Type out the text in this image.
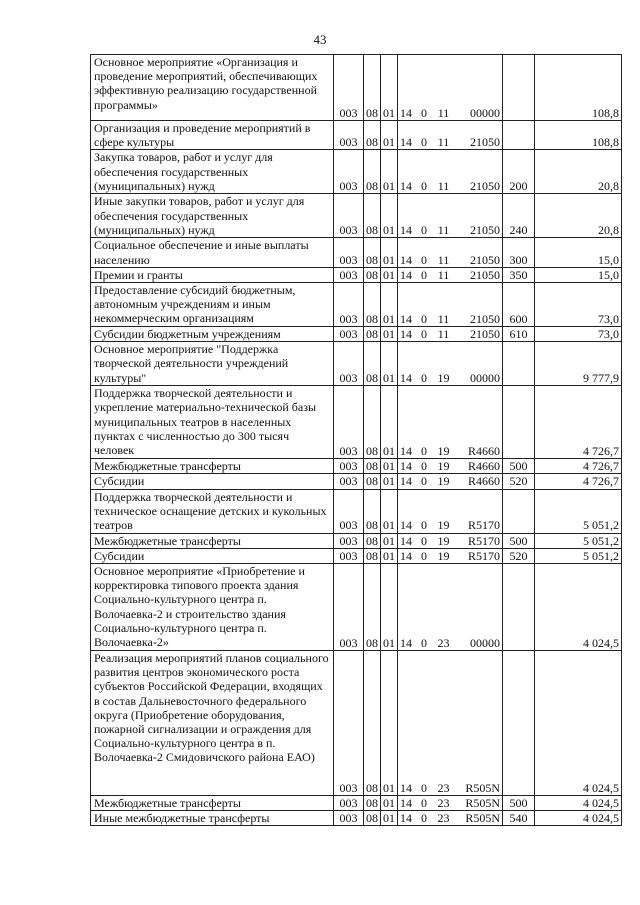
43
Основное мероприятие «Организация и проведение мероприятий, обеспечивающих эффективную реализацию государственной программы»	003	08	01	14 0 11 00000		108,8
Организация и проведение мероприятий в сфере культуры	003	08	01	14 0 11 21050		108,8
Закупка товаров, работ и услуг для обеспечения государственных (муниципальных) нужд	003	08	01	14 0 11 21050	200	20,8
Иные закупки товаров, работ и услуг для обеспечения государственных (муниципальных) нужд	003	08	01	14 0 11 21050	240	20,8
Социальное обеспечение и иные выплаты населению	003	08	01	14 0 11 21050	300	15,0
Премии и гранты	003	08	01	14 0 11 21050	350	15,0
Предоставление субсидий бюджетным, автономным учреждениям и иным некоммерческим организациям	003	08	01	14 0 11 21050	600	73,0
Субсидии бюджетным учреждениям	003	08	01	14 0 11 21050	610	73,0
Основное мероприятие "Поддержка творческой деятельности учреждений культуры"	003	08	01	14 0 19 00000		9 777,9
Поддержка творческой деятельности и укрепление материально-технической базы муниципальных театров в населенных пунктах с численностью до 300 тысяч человек	003	08	01	14 0 19 R4660		4 726,7
Межбюджетные трансферты	003	08	01	14 0 19 R4660	500	4 726,7
Субсидии	003	08	01	14 0 19 R4660	520	4 726,7
Поддержка творческой деятельности и техническое оснащение детских и кукольных театров	003	08	01	14 0 19 R5170		5 051,2
Межбюджетные трансферты	003	08	01	14 0 19 R5170	500	5 051,2
Субсидии	003	08	01	14 0 19 R5170	520	5 051,2
Основное мероприятие «Приобретение и корректировка типового проекта здания Социально-культурного центра п. Волочаевка-2 и строительство здания Социально-культурного центра п. Волочаевка-2»	003	08	01	14 0 23 00000		4 024,5
Реализация мероприятий планов социального развития центров экономического роста субъектов Российской Федерации, входящих в состав Дальневосточного федерального округа (Приобретение оборудования, пожарной сигнализации и ограждения для Социально-культурного центра в п. Волочаевка-2 Смидовичского района ЕАО)	003	08	01	14 0 23 R505N		4 024,5
Межбюджетные трансферты	003	08	01	14 0 23 R505N	500	4 024,5
Иные межбюджетные трансферты	003	08	01	14 0 23 R505N	540	4 024,5
